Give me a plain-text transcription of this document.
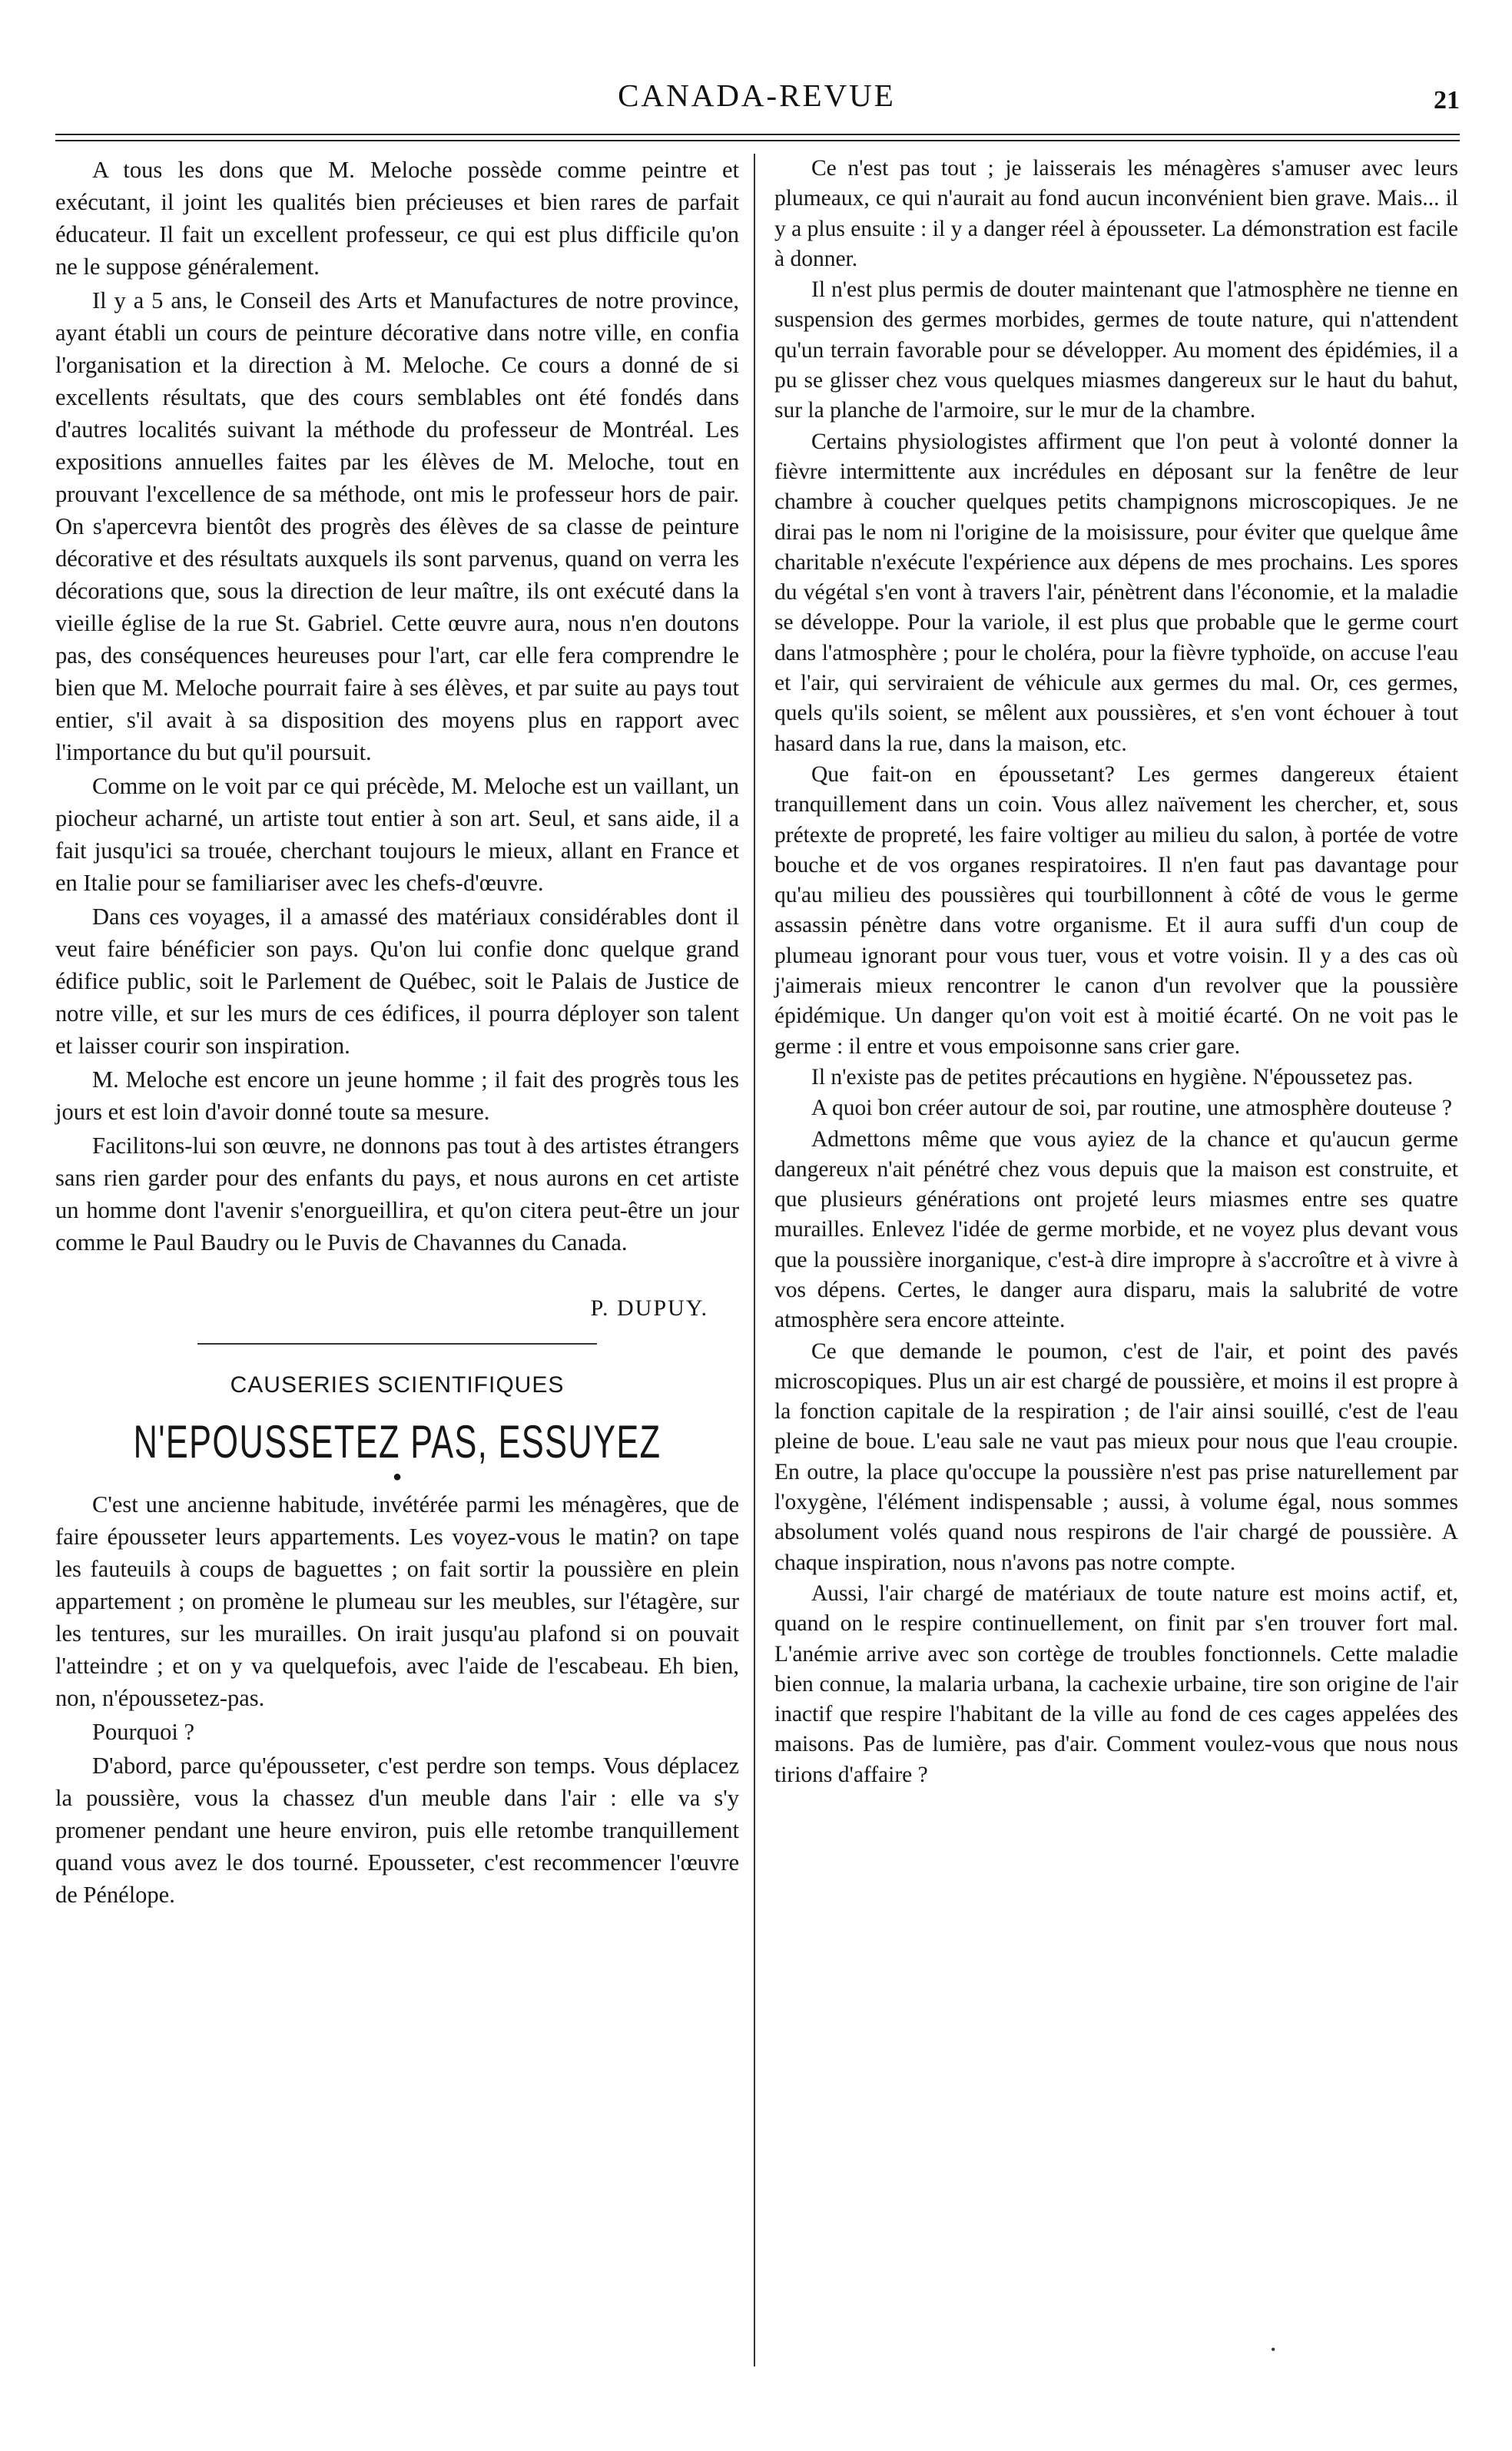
CANADA-REVUE	21

A tous les dons que M. Meloche possède comme peintre et exécutant, il joint les qualités bien précieuses et bien rares de parfait éducateur. Il fait un excellent professeur, ce qui est plus difficile qu'on ne le suppose généralement.

Il y a 5 ans, le Conseil des Arts et Manufactures de notre province, ayant établi un cours de peinture décorative dans notre ville, en confia l'organisation et la direction à M. Meloche. Ce cours a donné de si excellents résultats, que des cours semblables ont été fondés dans d'autres localités suivant la méthode du professeur de Montréal. Les expositions annuelles faites par les élèves de M. Meloche, tout en prouvant l'excellence de sa méthode, ont mis le professeur hors de pair. On s'apercevra bientôt des progrès des élèves de sa classe de peinture décorative et des résultats auxquels ils sont parvenus, quand on verra les décorations que, sous la direction de leur maître, ils ont exécuté dans la vieille église de la rue St. Gabriel. Cette œuvre aura, nous n'en doutons pas, des conséquences heureuses pour l'art, car elle fera comprendre le bien que M. Meloche pourrait faire à ses élèves, et par suite au pays tout entier, s'il avait à sa disposition des moyens plus en rapport avec l'importance du but qu'il poursuit.

Comme on le voit par ce qui précède, M. Meloche est un vaillant, un piocheur acharné, un artiste tout entier à son art. Seul, et sans aide, il a fait jusqu'ici sa trouée, cherchant toujours le mieux, allant en France et en Italie pour se familiariser avec les chefs-d'œuvre.

Dans ces voyages, il a amassé des matériaux considérables dont il veut faire bénéficier son pays. Qu'on lui confie donc quelque grand édifice public, soit le Parlement de Québec, soit le Palais de Justice de notre ville, et sur les murs de ces édifices, il pourra déployer son talent et laisser courir son inspiration.

M. Meloche est encore un jeune homme ; il fait des progrès tous les jours et est loin d'avoir donné toute sa mesure.

Facilitons-lui son œuvre, ne donnons pas tout à des artistes étrangers sans rien garder pour des enfants du pays, et nous aurons en cet artiste un homme dont l'avenir s'enorgueillira, et qu'on citera peut-être un jour comme le Paul Baudry ou le Puvis de Chavannes du Canada.

P. DUPUY.
CAUSERIES SCIENTIFIQUES
N'EPOUSSETEZ PAS, ESSUYEZ
●

C'est une ancienne habitude, invétérée parmi les ménagères, que de faire épousseter leurs appartements. Les voyez-vous le matin? on tape les fauteuils à coups de baguettes ; on fait sortir la poussière en plein appartement ; on promène le plumeau sur les meubles, sur l'étagère, sur les tentures, sur les murailles. On irait jusqu'au plafond si on pouvait l'atteindre ; et on y va quelquefois, avec l'aide de l'escabeau. Eh bien, non, n'époussetez-pas.

Pourquoi ?

D'abord, parce qu'épousseter, c'est perdre son temps. Vous déplacez la poussière, vous la chassez d'un meuble dans l'air : elle va s'y promener pendant une heure environ, puis elle retombe tranquillement quand vous avez le dos tourné. Epousseter, c'est recommencer l'œuvre de Pénélope.

Ce n'est pas tout ; je laisserais les ménagères s'amuser avec leurs plumeaux, ce qui n'aurait au fond aucun inconvénient bien grave. Mais... il y a plus ensuite : il y a danger réel à épousseter. La démonstration est facile à donner.

Il n'est plus permis de douter maintenant que l'atmosphère ne tienne en suspension des germes morbides, germes de toute nature, qui n'attendent qu'un terrain favorable pour se développer. Au moment des épidémies, il a pu se glisser chez vous quelques miasmes dangereux sur le haut du bahut, sur la planche de l'armoire, sur le mur de la chambre.

Certains physiologistes affirment que l'on peut à volonté donner la fièvre intermittente aux incrédules en déposant sur la fenêtre de leur chambre à coucher quelques petits champignons microscopiques. Je ne dirai pas le nom ni l'origine de la moisissure, pour éviter que quelque âme charitable n'exécute l'expérience aux dépens de mes prochains. Les spores du végétal s'en vont à travers l'air, pénètrent dans l'économie, et la maladie se développe. Pour la variole, il est plus que probable que le germe court dans l'atmosphère ; pour le choléra, pour la fièvre typhoïde, on accuse l'eau et l'air, qui serviraient de véhicule aux germes du mal. Or, ces germes, quels qu'ils soient, se mêlent aux poussières, et s'en vont échouer à tout hasard dans la rue, dans la maison, etc.

Que fait-on en époussetant? Les germes dangereux étaient tranquillement dans un coin. Vous allez naïvement les chercher, et, sous prétexte de propreté, les faire voltiger au milieu du salon, à portée de votre bouche et de vos organes respiratoires. Il n'en faut pas davantage pour qu'au milieu des poussières qui tourbillonnent à côté de vous le germe assassin pénètre dans votre organisme. Et il aura suffi d'un coup de plumeau ignorant pour vous tuer, vous et votre voisin. Il y a des cas où j'aimerais mieux rencontrer le canon d'un revolver que la poussière épidémique. Un danger qu'on voit est à moitié écarté. On ne voit pas le germe : il entre et vous empoisonne sans crier gare.

Il n'existe pas de petites précautions en hygiène. N'époussetez pas.

A quoi bon créer autour de soi, par routine, une atmosphère douteuse ?

Admettons même que vous ayiez de la chance et qu'aucun germe dangereux n'ait pénétré chez vous depuis que la maison est construite, et que plusieurs générations ont projeté leurs miasmes entre ses quatre murailles. Enlevez l'idée de germe morbide, et ne voyez plus devant vous que la poussière inorganique, c'est-à dire impropre à s'accroître et à vivre à vos dépens. Certes, le danger aura disparu, mais la salubrité de votre atmosphère sera encore atteinte.

Ce que demande le poumon, c'est de l'air, et point des pavés microscopiques. Plus un air est chargé de poussière, et moins il est propre à la fonction capitale de la respiration ; de l'air ainsi souillé, c'est de l'eau pleine de boue. L'eau sale ne vaut pas mieux pour nous que l'eau croupie. En outre, la place qu'occupe la poussière n'est pas prise naturellement par l'oxygène, l'élément indispensable ; aussi, à volume égal, nous sommes absolument volés quand nous respirons de l'air chargé de poussière. A chaque inspiration, nous n'avons pas notre compte.

Aussi, l'air chargé de matériaux de toute nature est moins actif, et, quand on le respire continuellement, on finit par s'en trouver fort mal. L'anémie arrive avec son cortège de troubles fonctionnels. Cette maladie bien connue, la malaria urbana, la cachexie urbaine, tire son origine de l'air inactif que respire l'habitant de la ville au fond de ces cages appelées des maisons. Pas de lumière, pas d'air. Comment voulez-vous que nous nous tirions d'affaire ?

•
